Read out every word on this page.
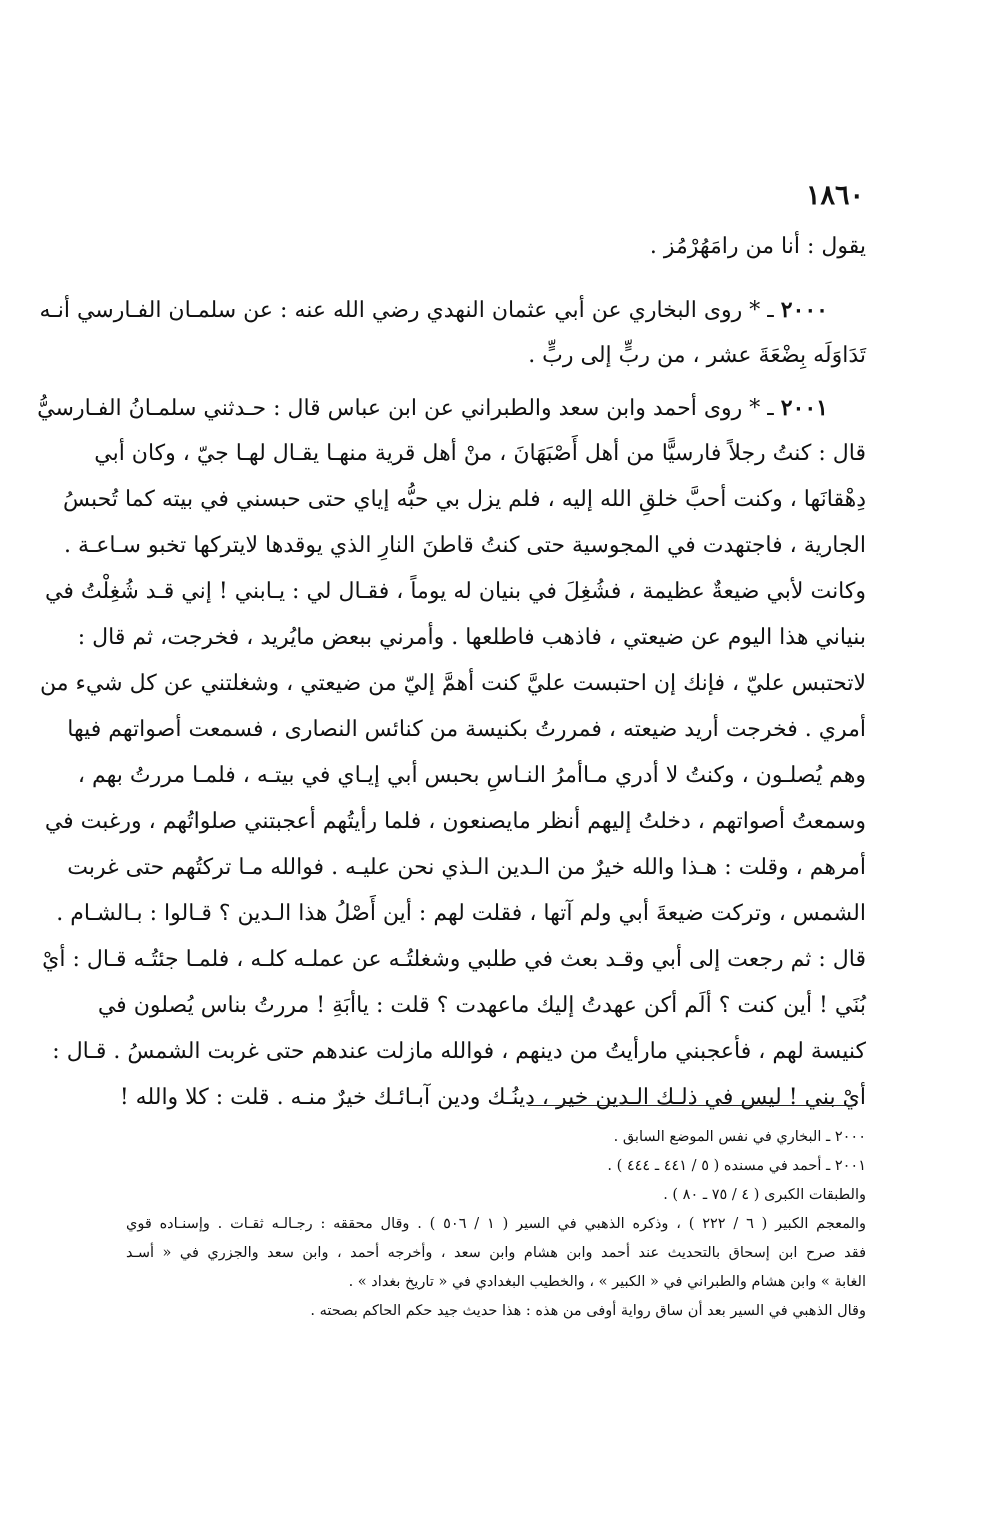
١٨٦٠
يقول : أنا من رامَهُرْمُز .
٢٠٠٠ ـ * روى البخاري عن أبي عثمان النهدي رضي الله عنه : عن سلمـان الفـارسي أنـه
تَدَاوَلَه بِضْعَةَ عشر ، من ربٍّ إلى ربٍّ .
٢٠٠١ ـ * روى أحمد وابن سعد والطبراني عن ابن عباس قال : حـدثني سلمـانُ الفـارسيُّ
قال : كنتُ رجلاً فارسيًّا من أهل أَصْبَهَانَ ، منْ أهل قرية منهـا يقـال لهـا جيّ ، وكان أبي
دِهْقانَها ، وكنت أحبَّ خلقِ الله إليه ، فلم يزل بي حبُّه إياي حتى حبسني في بيته كما تُحبسُ
الجارية ، فاجتهدت في المجوسية حتى كنتُ قاطنَ النارِ الذي يوقدها لايتركها تخبو سـاعـة .
وكانت لأبي ضيعةٌ عظيمة ، فشُغِلَ في بنيان له يوماً ، فقـال لي : يـابني ! إني قـد شُغِلْتُ في
بنياني هذا اليوم عن ضيعتي ، فاذهب فاطلعها . وأمرني ببعض مايُريد ، فخرجت، ثم قال :
لاتحتبس عليّ ، فإنك إن احتبست عليَّ كنت أهمَّ إليّ من ضيعتي ، وشغلتني عن كل شيء من
أمري . فخرجت أريد ضيعته ، فمررتُ بكنيسة من كنائس النصارى ، فسمعت أصواتهم فيها
وهم يُصلـون ، وكنتُ لا أدري مـاأمرُ النـاسِ بحبس أبي إيـاي في بيتـه ، فلمـا مررتُ بهم ،
وسمعتُ أصواتهم ، دخلتُ إليهم أنظر مايصنعون ، فلما رأيتُهم أعجبتني صلواتُهم ، ورغبت في
أمرهم ، وقلت : هـذا والله خيرٌ من الـدين الـذي نحن عليـه . فوالله مـا تركتُهم حتى غربت
الشمس ، وتركت ضيعةَ أبي ولم آتها ، فقلت لهم : أين أَصْلُ هذا الـدين ؟ قـالوا : بـالشـام .
قال : ثم رجعت إلى أبي وقـد بعث في طلبي وشغلتُـه عن عملـه كلـه ، فلمـا جئتُـه قـال : أيْ
بُنَي ! أين كنت ؟ ألَم أكن عهدتُ إليك ماعهدت ؟ قلت : ياأبَةِ ! مررتُ بناس يُصلون في
كنيسة لهم ، فأعجبني مارأيتُ من دينهم ، فوالله مازلت عندهم حتى غربت الشمسُ . قـال :
أيْ بني ! ليس في ذلـك الـدين خير ، دينُـك ودين آبـائـك خيرٌ منـه . قلت : كلا والله !
٢٠٠٠ ـ البخاري في نفس الموضع السابق .
٢٠٠١ ـ أحمد في مسنده ( ٥ / ٤٤١ ـ ٤٤٤ ) .
والطبقات الكبرى ( ٤ / ٧٥ ـ ٨٠ ) .
والمعجم الكبير ( ٦ / ٢٢٢ ) ، وذكره الذهبي في السير ( ١ / ٥٠٦ ) . وقال محققه : رجـالـه ثقـات . وإسنـاده قوي
فقد صرح ابن إسحاق بالتحديث عند أحمد وابن هشام وابن سعد ، وأخرجه أحمد ، وابن سعد والجزري في « أسـد
الغابة » وابن هشام والطبراني في « الكبير » ، والخطيب البغدادي في « تاريخ بغداد » .
وقال الذهبي في السير بعد أن ساق رواية أوفى من هذه : هذا حديث جيد حكم الحاكم بصحته .
